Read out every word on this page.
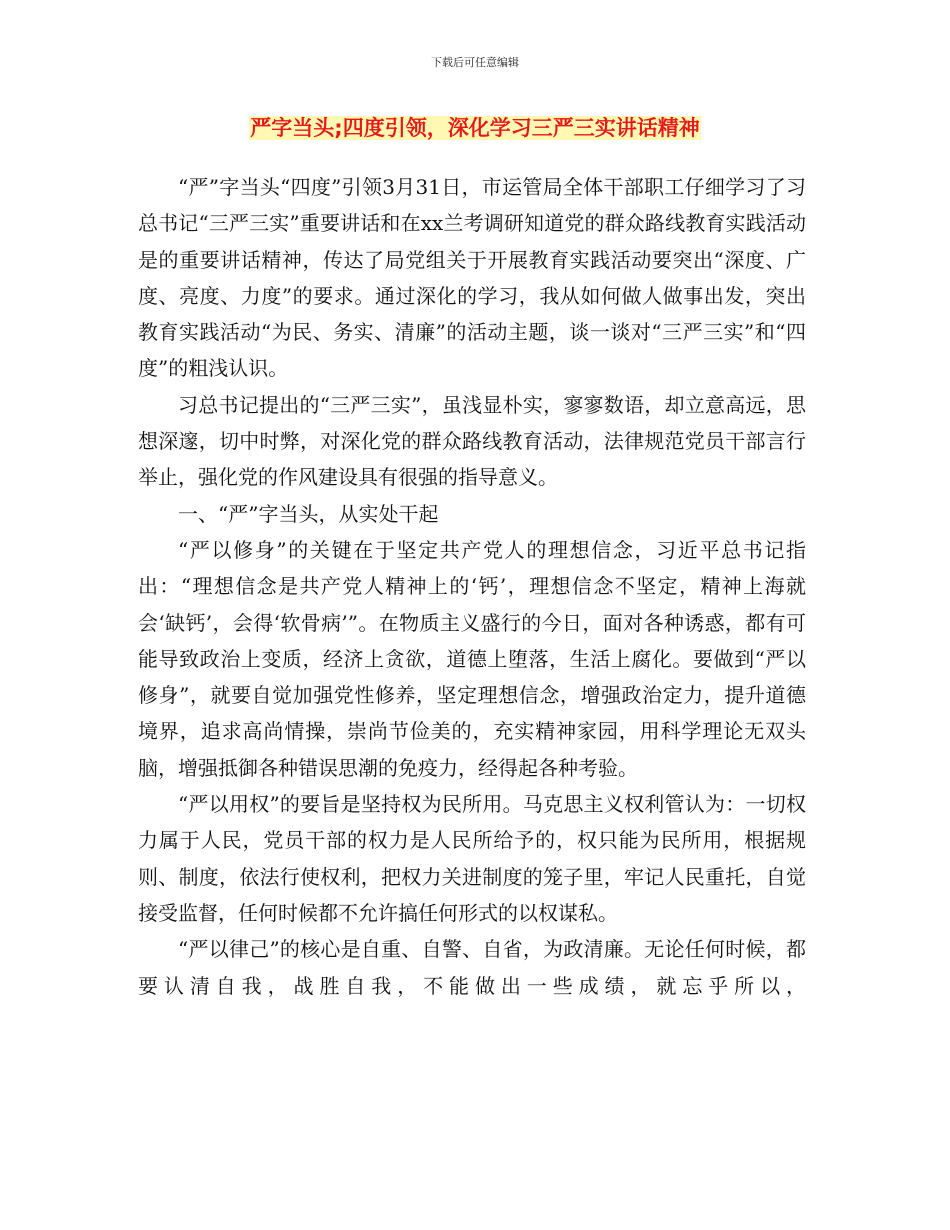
下载后可任意编辑
严字当头;四度引领，深化学习三严三实讲话精神

“严”字当头“四度”引领3月31日，市运管局全体干部职工仔细学习了习总书记“三严三实”重要讲话和在xx兰考调研知道党的群众路线教育实践活动是的重要讲话精神，传达了局党组关于开展教育实践活动要突出“深度、广度、亮度、力度”的要求。通过深化的学习，我从如何做人做事出发，突出教育实践活动“为民、务实、清廉”的活动主题，谈一谈对“三严三实”和“四度”的粗浅认识。

习总书记提出的“三严三实”，虽浅显朴实，寥寥数语，却立意高远，思想深邃，切中时弊，对深化党的群众路线教育活动，法律规范党员干部言行举止，强化党的作风建设具有很强的指导意义。

一、“严”字当头，从实处干起

“严以修身”的关键在于坚定共产党人的理想信念，习近平总书记指出：“理想信念是共产党人精神上的‘钙’，理想信念不坚定，精神上海就会‘缺钙’，会得‘软骨病’”。在物质主义盛行的今日，面对各种诱惑，都有可能导致政治上变质，经济上贪欲，道德上堕落，生活上腐化。要做到“严以修身”，就要自觉加强党性修养，坚定理想信念，增强政治定力，提升道德境界，追求高尚情操，崇尚节俭美的，充实精神家园，用科学理论无双头脑，增强抵御各种错误思潮的免疫力，经得起各种考验。

“严以用权”的要旨是坚持权为民所用。马克思主义权利管认为：一切权力属于人民，党员干部的权力是人民所给予的，权只能为民所用，根据规则、制度，依法行使权利，把权力关进制度的笼子里，牢记人民重托，自觉接受监督，任何时候都不允许搞任何形式的以权谋私。

“严以律己”的核心是自重、自警、自省，为政清廉。无论任何时候，都要认清自我，战胜自我，不能做出一些成绩，就忘乎所以，
